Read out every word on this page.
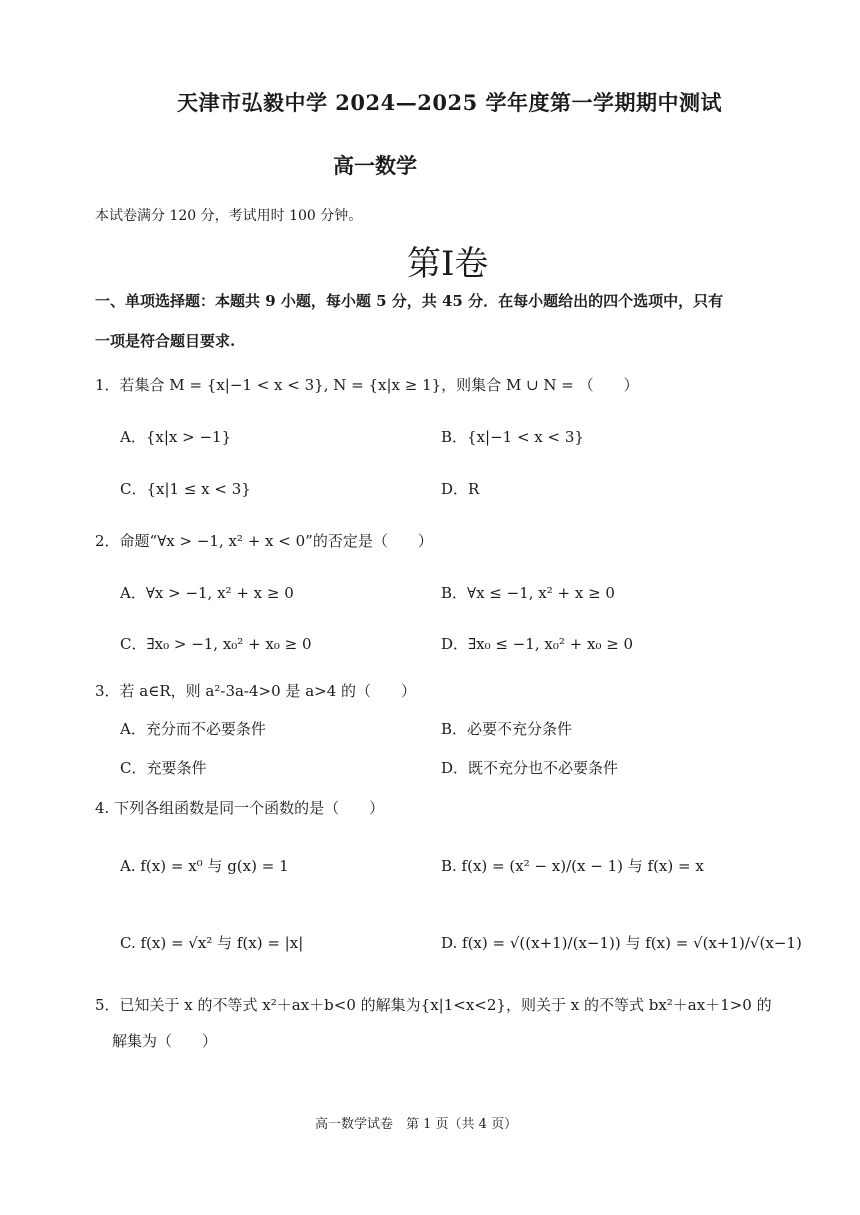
天津市弘毅中学 2024—2025 学年度第一学期期中测试
高一数学
本试卷满分 120 分，考试用时 100 分钟。
第I卷
一、单项选择题：本题共 9 小题，每小题 5 分，共 45 分．在每小题给出的四个选项中，只有
一项是符合题目要求.
1．若集合 M = {x|−1 < x < 3}, N = {x|x ≥ 1}，则集合 M ∪ N = （　　）
A．{x|x > −1}	B．{x|−1 < x < 3}
C．{x|1 ≤ x < 3}	D．R
2．命题“∀x > −1, x² + x < 0”的否定是（　　）
A．∀x > −1, x² + x ≥ 0	B．∀x ≤ −1, x² + x ≥ 0
C．∃x₀ > −1, x₀² + x₀ ≥ 0	D．∃x₀ ≤ −1, x₀² + x₀ ≥ 0
3．若 a∈R，则 a²-3a-4>0 是 a>4 的（　　）
A．充分而不必要条件	B．必要不充分条件
C．充要条件	D．既不充分也不必要条件
4. 下列各组函数是同一个函数的是（　　）
A. f(x) = x⁰ 与 g(x) = 1	B. f(x) = (x² − x)/(x − 1) 与 f(x) = x
C. f(x) = √x² 与 f(x) = |x|	D. f(x) = √((x+1)/(x−1)) 与 f(x) = √(x+1)/√(x−1)
5．已知关于 x 的不等式 x²＋ax＋b<0 的解集为{x|1<x<2}，则关于 x 的不等式 bx²＋ax＋1>0 的
解集为（　　）
高一数学试卷　第 1 页（共 4 页）
